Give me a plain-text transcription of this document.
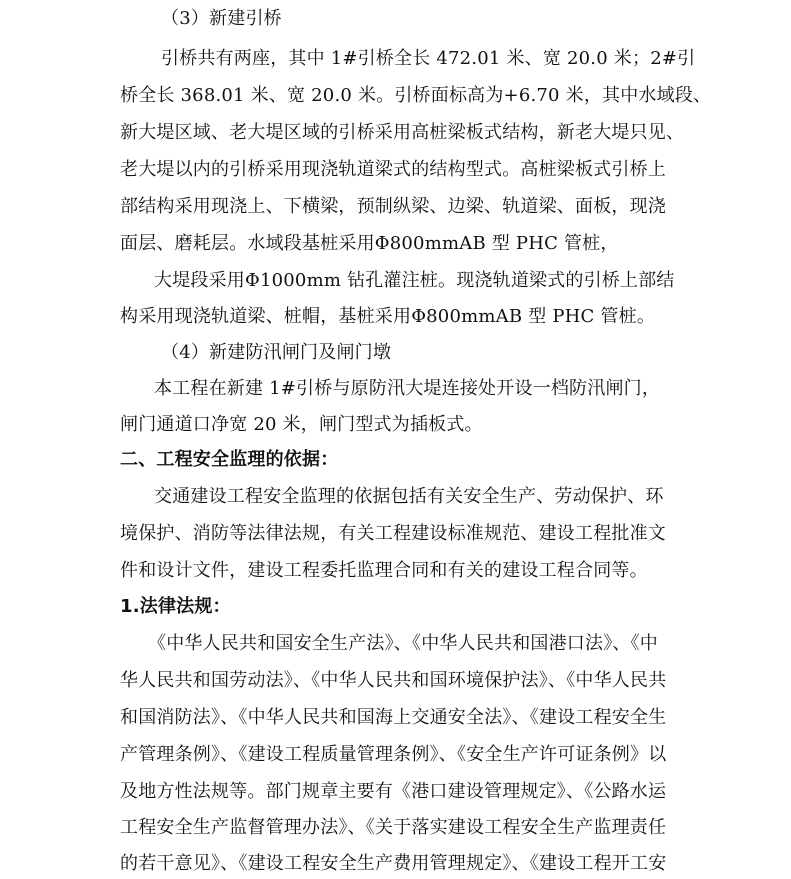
（3）新建引桥
引桥共有两座，其中 1#引桥全长 472.01 米、宽 20.0 米；2#引
桥全长 368.01 米、宽 20.0 米。引桥面标高为+6.70 米，其中水域段、
新大堤区域、老大堤区域的引桥采用高桩梁板式结构，新老大堤只见、
老大堤以内的引桥采用现浇轨道梁式的结构型式。高桩梁板式引桥上
部结构采用现浇上、下横梁，预制纵梁、边梁、轨道梁、面板，现浇
面层、磨耗层。水域段基桩采用Φ800mmAB 型 PHC 管桩，
大堤段采用Φ1000mm 钻孔灌注桩。现浇轨道梁式的引桥上部结
构采用现浇轨道梁、桩帽，基桩采用Φ800mmAB 型 PHC 管桩。
（4）新建防汛闸门及闸门墩
本工程在新建 1#引桥与原防汛大堤连接处开设一档防汛闸门，
闸门通道口净宽 20 米，闸门型式为插板式。
二、工程安全监理的依据：
交通建设工程安全监理的依据包括有关安全生产、劳动保护、环
境保护、消防等法律法规，有关工程建设标准规范、建设工程批准文
件和设计文件，建设工程委托监理合同和有关的建设工程合同等。
1.法律法规：
《中华人民共和国安全生产法》、《中华人民共和国港口法》、《中
华人民共和国劳动法》、《中华人民共和国环境保护法》、《中华人民共
和国消防法》、《中华人民共和国海上交通安全法》、《建设工程安全生
产管理条例》、《建设工程质量管理条例》、《安全生产许可证条例》以
及地方性法规等。部门规章主要有《港口建设管理规定》、《公路水运
工程安全生产监督管理办法》、《关于落实建设工程安全生产监理责任
的若干意见》、《建设工程安全生产费用管理规定》、《建设工程开工安
